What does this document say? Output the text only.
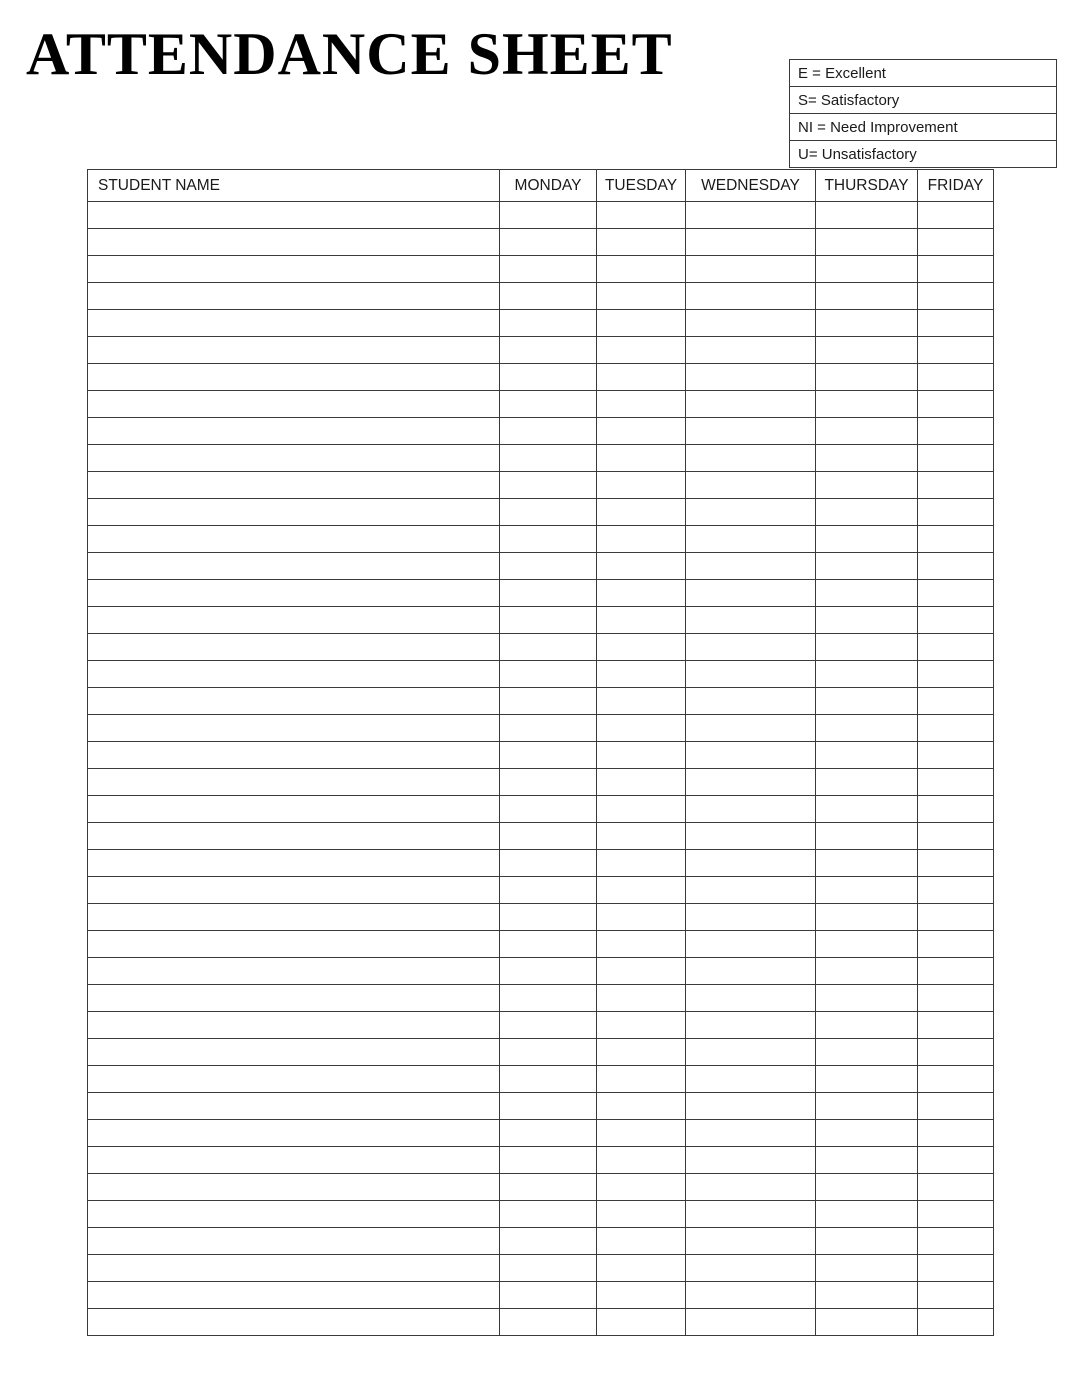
ATTENDANCE SHEET	E = Excellent
S= Satisfactory
NI = Need Improvement
U= Unsatisfactory
STUDENT NAME	MONDAY	TUESDAY	WEDNESDAY	THURSDAY	FRIDAY
